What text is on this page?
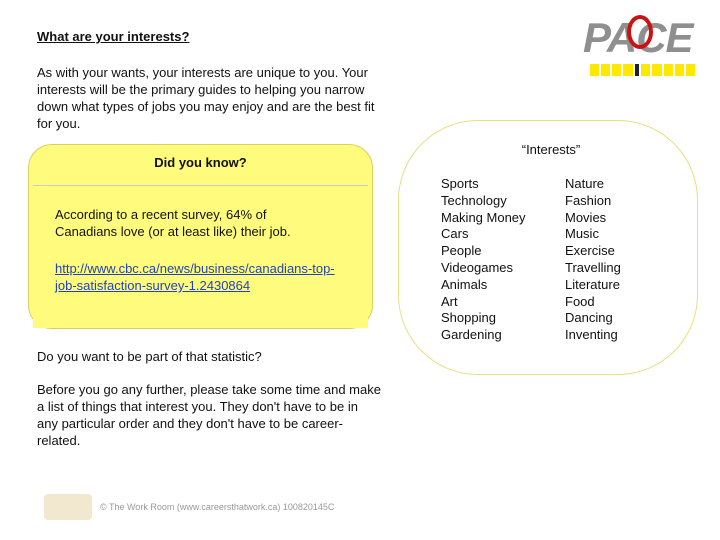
What are your interests?
As with your wants, your interests are unique to you. Your interests will be the primary guides to helping you narrow down what types of jobs you may enjoy and are the best fit for you.
PACE
Did you know?
According to a recent survey, 64% of Canadians love (or at least like) their job.
http://www.cbc.ca/news/business/canadians-top-job-satisfaction-survey-1.2430864
Do you want to be part of that statistic?
Before you go any further, please take some time and make a list of things that interest you. They don't have to be in any particular order and they don't have to be career-related.
© The Work Room (www.careersthatwork.ca) 100820145C
“Interests”
Sports
Technology
Making Money
Cars
People
Videogames
Animals
Art
Shopping
Gardening
Nature
Fashion
Movies
Music
Exercise
Travelling
Literature
Food
Dancing
Inventing
